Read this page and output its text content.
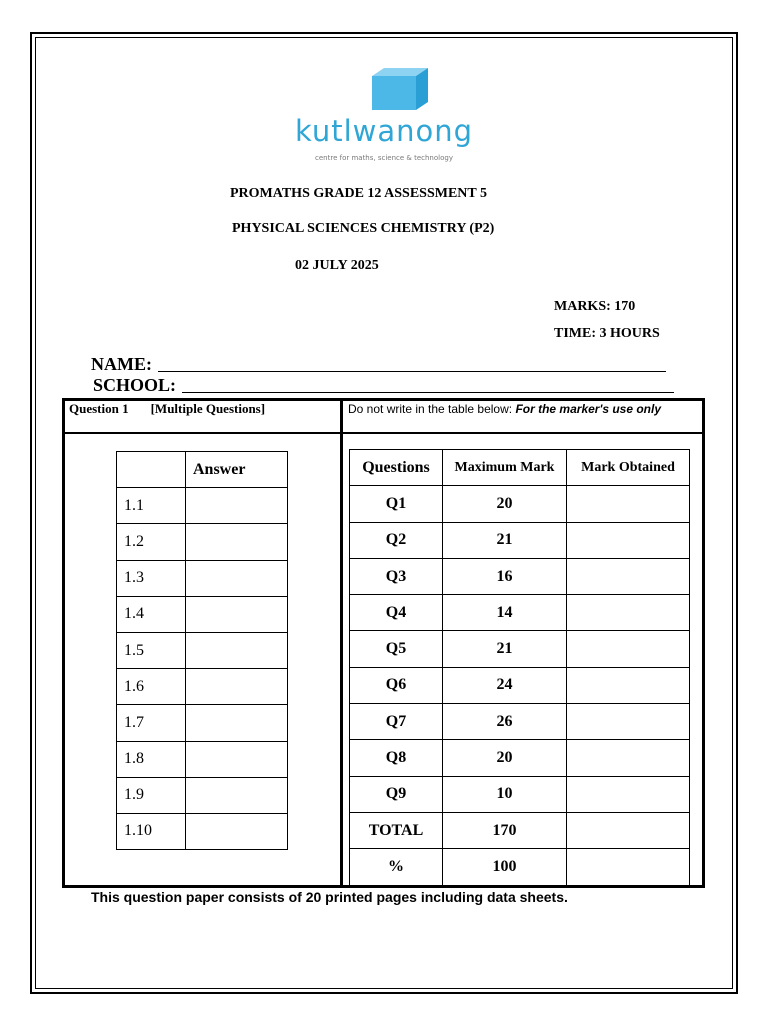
kutlwanong
centre for maths, science & technology
PROMATHS GRADE 12 ASSESSMENT 5
PHYSICAL SCIENCES CHEMISTRY (P2)
02 JULY 2025
MARKS: 170
TIME: 3 HOURS
NAME:
SCHOOL:
Question 1 [Multiple Questions]	Do not write in the table below: For the marker's use only
	Answer
1.1	
1.2	
1.3	
1.4	
1.5	
1.6	
1.7	
1.8	
1.9	
1.10	
Questions	Maximum Mark	Mark Obtained
Q1	20	
Q2	21	
Q3	16	
Q4	14	
Q5	21	
Q6	24	
Q7	26	
Q8	20	
Q9	10	
TOTAL	170	
%	100	
This question paper consists of 20 printed pages including data sheets.
